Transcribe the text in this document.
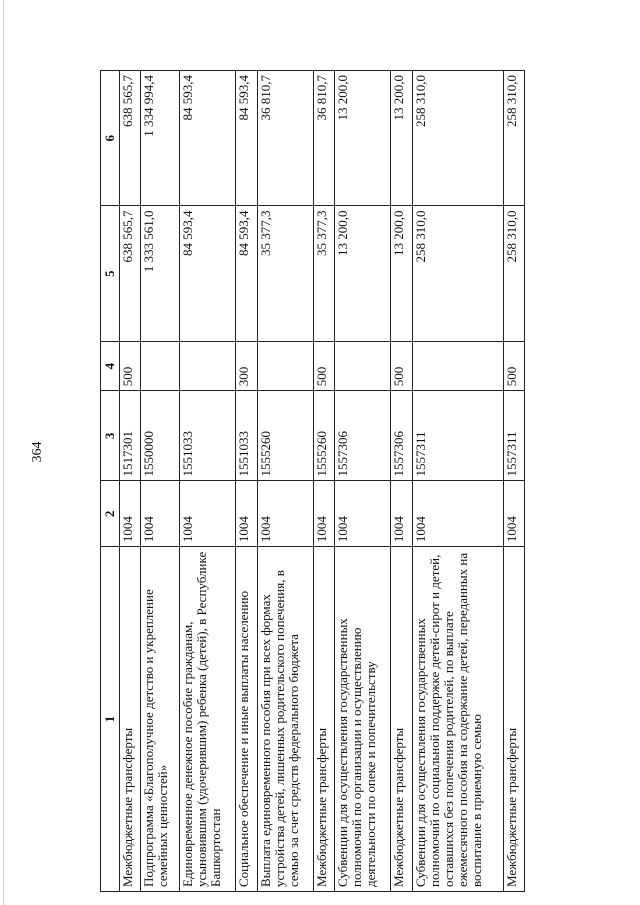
364
1	2	3	4	5	6
Межбюджетные трансферты	1004	1517301	500	638 565,7	638 565,7
Подпрограмма «Благополучное детство и укрепление семейных ценностей»	1004	1550000		1 333 561,0	1 334 994,4
Единовременное денежное пособие гражданам, усыновившим (удочерившим) ребенка (детей), в Республике Башкортостан	1004	1551033		84 593,4	84 593,4
Социальное обеспечение и иные выплаты населению	1004	1551033	300	84 593,4	84 593,4
Выплата единовременного пособия при всех формах устройства детей, лишенных родительского попечения, в семью за счет средств федерального бюджета	1004	1555260		35 377,3	36 810,7
Межбюджетные трансферты	1004	1555260	500	35 377,3	36 810,7
Субвенции для осуществления государственных полномочий по организации и осуществлению деятельности по опеке и попечительству	1004	1557306		13 200,0	13 200,0
Межбюджетные трансферты	1004	1557306	500	13 200,0	13 200,0
Субвенции для осуществления государственных полномочий по социальной поддержке детей-сирот и детей, оставшихся без попечения родителей, по выплате ежемесячного пособия на содержание детей, переданных на воспитание в приемную семью	1004	1557311		258 310,0	258 310,0
Межбюджетные трансферты	1004	1557311	500	258 310,0	258 310,0
